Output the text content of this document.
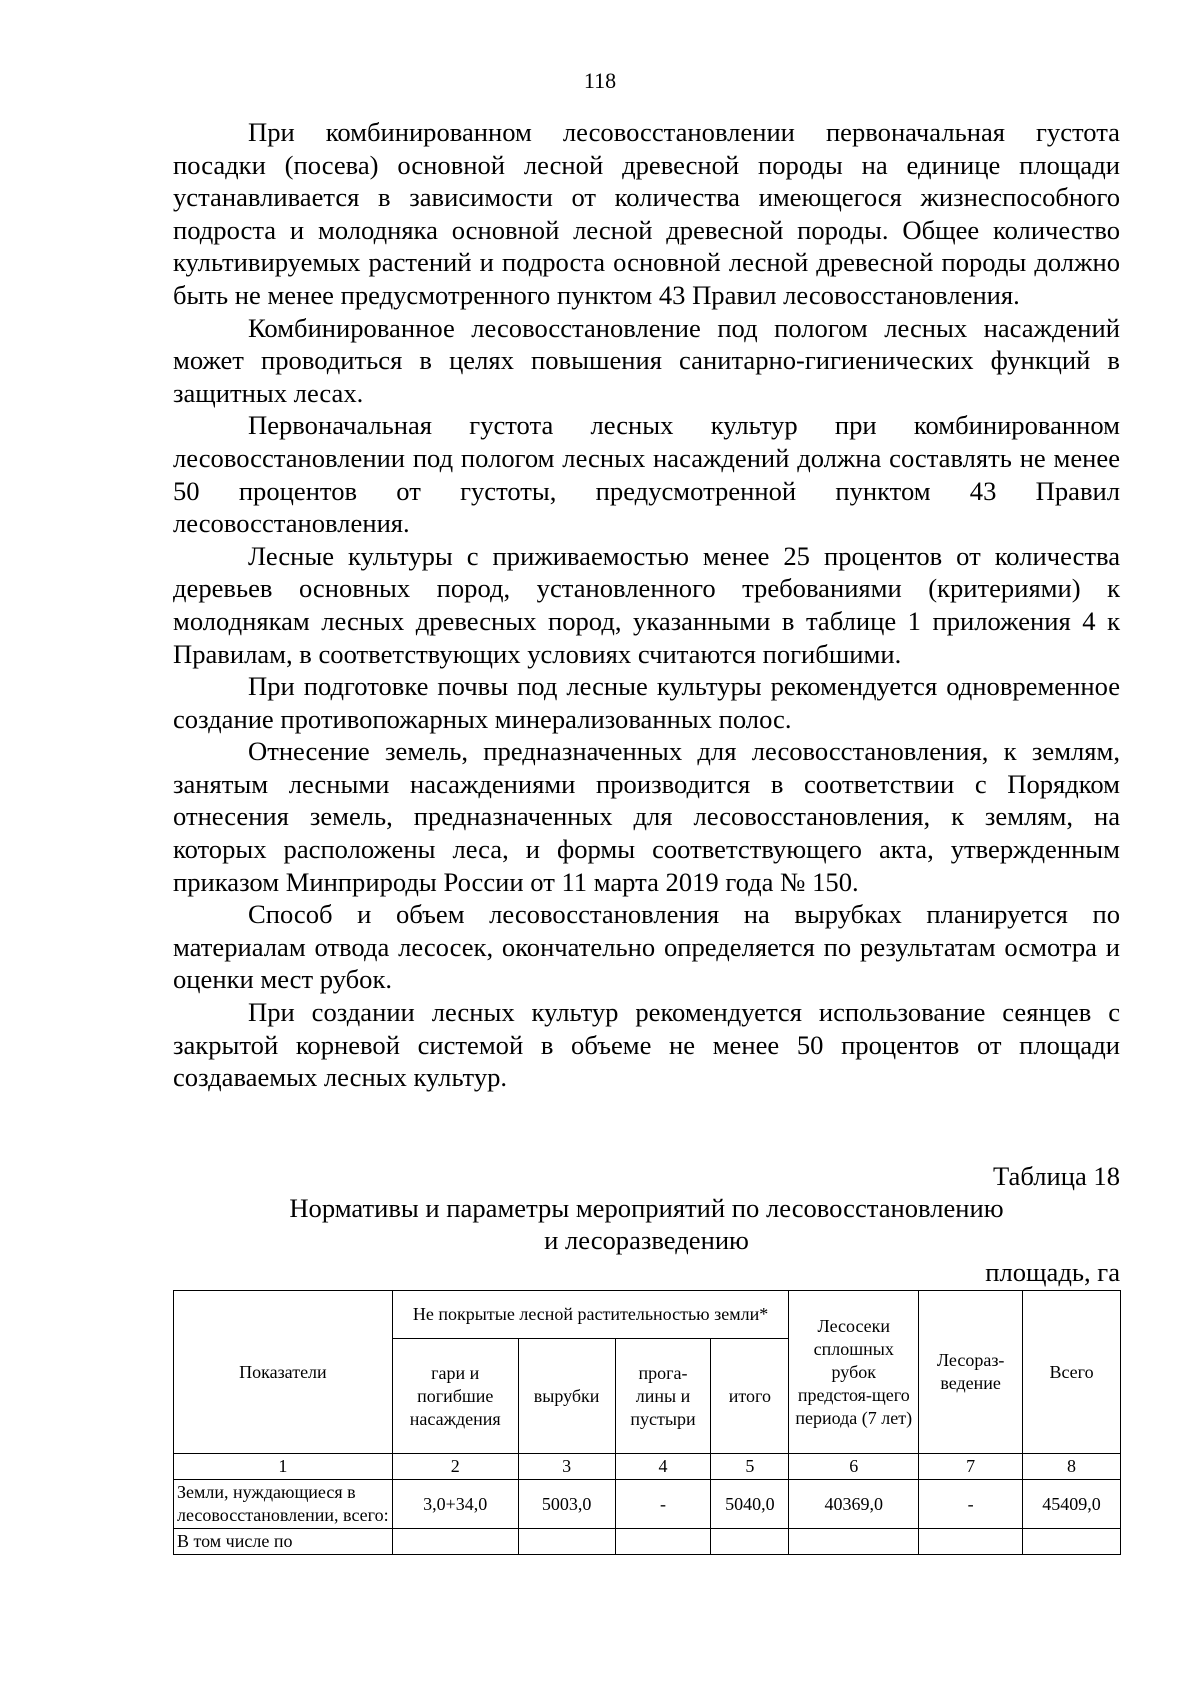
118

При комбинированном лесовосстановлении первоначальная густота посадки (посева) основной лесной древесной породы на единице площади устанавливается в зависимости от количества имеющегося жизнеспособного подроста и молодняка основной лесной древесной породы. Общее количество культивируемых растений и подроста основной лесной древесной породы должно быть не менее предусмотренного пунктом 43 Правил лесовосстановления.

Комбинированное лесовосстановление под пологом лесных насаждений может проводиться в целях повышения санитарно-гигиенических функций в защитных лесах.

Первоначальная густота лесных культур при комбинированном лесовосстановлении под пологом лесных насаждений должна составлять не менее 50 процентов от густоты, предусмотренной пунктом 43 Правил лесовосстановления.

Лесные культуры с приживаемостью менее 25 процентов от количества деревьев основных пород, установленного требованиями (критериями) к молоднякам лесных древесных пород, указанными в таблице 1 приложения 4 к Правилам, в соответствующих условиях считаются погибшими.

При подготовке почвы под лесные культуры рекомендуется одновременное создание противопожарных минерализованных полос.

Отнесение земель, предназначенных для лесовосстановления, к землям, занятым лесными насаждениями производится в соответствии с Порядком отнесения земель, предназначенных для лесовосстановления, к землям, на которых расположены леса, и формы соответствующего акта, утвержденным приказом Минприроды России от 11 марта 2019 года № 150.

Способ и объем лесовосстановления на вырубках планируется по материалам отвода лесосек, окончательно определяется по результатам осмотра и оценки мест рубок.

При создании лесных культур рекомендуется использование сеянцев с закрытой корневой системой в объеме не менее 50 процентов от площади создаваемых лесных культур.

Таблица 18
Нормативы и параметры мероприятий по лесовосстановлению
и лесоразведению
площадь, га
Показатели	Не покрытые лесной растительностью земли*				Лесосеки сплошных рубок предстоя-щего периода (7 лет)	Лесораз-ведение	Всего
	гари и погибшие насаждения	вырубки	прога-лины и пустыри	итого			
1	2	3	4	5	6	7	8
Земли, нуждающиеся в лесовосстановлении, всего:	3,0+34,0	5003,0	-	5040,0	40369,0	-	45409,0
В том числе по							
